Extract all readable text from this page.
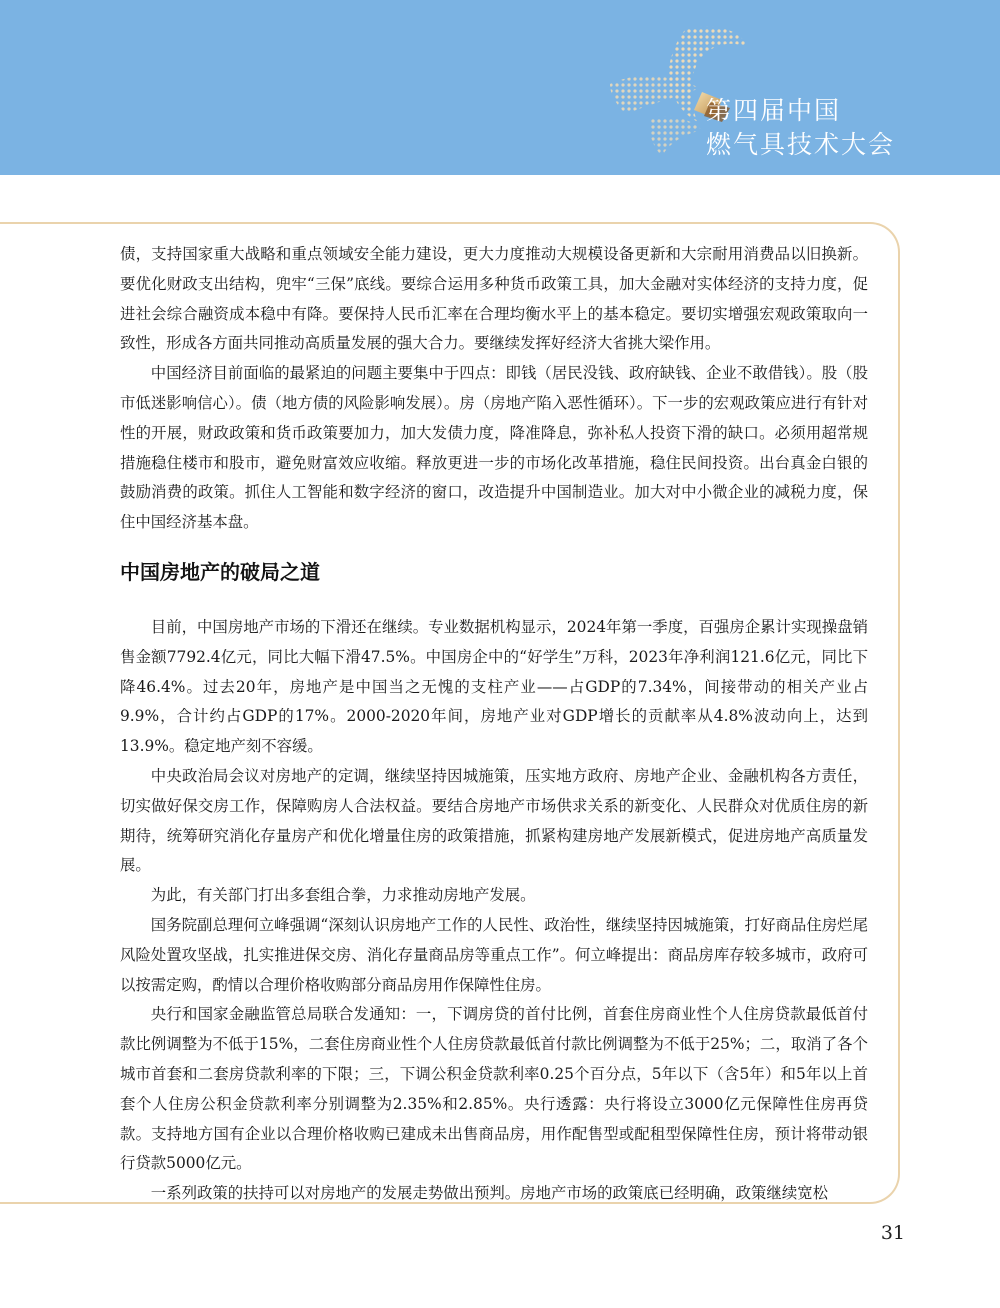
第四届中国
燃气具技术大会

债，支持国家重大战略和重点领域安全能力建设，更大力度推动大规模设备更新和大宗耐用消费品以旧换新。要优化财政支出结构，兜牢“三保”底线。要综合运用多种货币政策工具，加大金融对实体经济的支持力度，促进社会综合融资成本稳中有降。要保持人民币汇率在合理均衡水平上的基本稳定。要切实增强宏观政策取向一致性，形成各方面共同推动高质量发展的强大合力。要继续发挥好经济大省挑大梁作用。

中国经济目前面临的最紧迫的问题主要集中于四点：即钱（居民没钱、政府缺钱、企业不敢借钱）。股（股市低迷影响信心）。债（地方债的风险影响发展）。房（房地产陷入恶性循环）。下一步的宏观政策应进行有针对性的开展，财政政策和货币政策要加力，加大发债力度，降准降息，弥补私人投资下滑的缺口。必须用超常规措施稳住楼市和股市，避免财富效应收缩。释放更进一步的市场化改革措施，稳住民间投资。出台真金白银的鼓励消费的政策。抓住人工智能和数字经济的窗口，改造提升中国制造业。加大对中小微企业的减税力度，保住中国经济基本盘。

中国房地产的破局之道

目前，中国房地产市场的下滑还在继续。专业数据机构显示，2024年第一季度，百强房企累计实现操盘销售金额7792.4亿元，同比大幅下滑47.5%。中国房企中的“好学生”万科，2023年净利润121.6亿元，同比下降46.4%。过去20年，房地产是中国当之无愧的支柱产业——占GDP的7.34%，间接带动的相关产业占9.9%，合计约占GDP的17%。2000-2020年间，房地产业对GDP增长的贡献率从4.8%波动向上，达到13.9%。稳定地产刻不容缓。

中央政治局会议对房地产的定调，继续坚持因城施策，压实地方政府、房地产企业、金融机构各方责任，切实做好保交房工作，保障购房人合法权益。要结合房地产市场供求关系的新变化、人民群众对优质住房的新期待，统筹研究消化存量房产和优化增量住房的政策措施，抓紧构建房地产发展新模式，促进房地产高质量发展。

为此，有关部门打出多套组合拳，力求推动房地产发展。

国务院副总理何立峰强调“深刻认识房地产工作的人民性、政治性，继续坚持因城施策，打好商品住房烂尾风险处置攻坚战，扎实推进保交房、消化存量商品房等重点工作”。何立峰提出：商品房库存较多城市，政府可以按需定购，酌情以合理价格收购部分商品房用作保障性住房。

央行和国家金融监管总局联合发通知：一，下调房贷的首付比例，首套住房商业性个人住房贷款最低首付款比例调整为不低于15%，二套住房商业性个人住房贷款最低首付款比例调整为不低于25%；二，取消了各个城市首套和二套房贷款利率的下限；三，下调公积金贷款利率0.25个百分点，5年以下（含5年）和5年以上首套个人住房公积金贷款利率分别调整为2.35%和2.85%。央行透露：央行将设立3000亿元保障性住房再贷款。支持地方国有企业以合理价格收购已建成未出售商品房，用作配售型或配租型保障性住房，预计将带动银行贷款5000亿元。

一系列政策的扶持可以对房地产的发展走势做出预判。房地产市场的政策底已经明确，政策继续宽松

31
